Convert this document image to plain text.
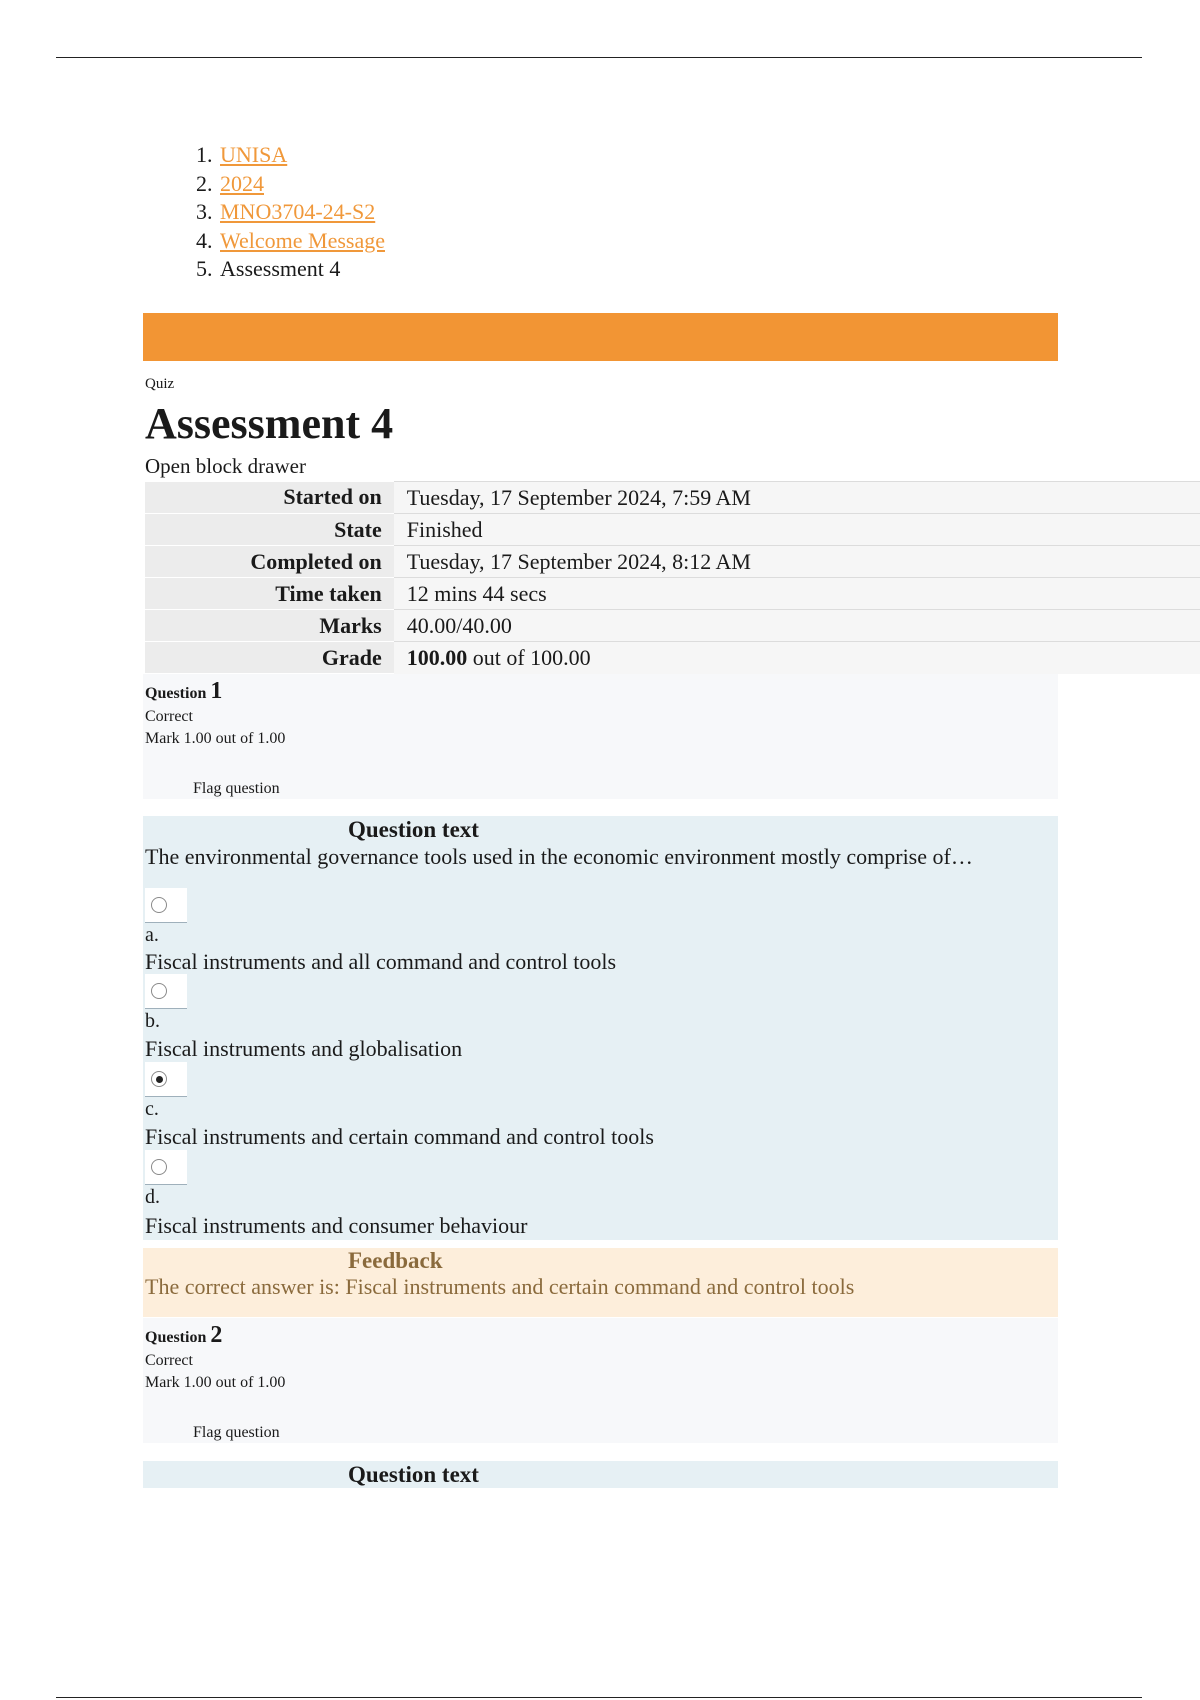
1. UNISA
2. 2024
3. MNO3704-24-S2
4. Welcome Message
5. Assessment 4
Quiz
Assessment 4
Open block drawer
Started on	Tuesday, 17 September 2024, 7:59 AM
State	Finished
Completed on	Tuesday, 17 September 2024, 8:12 AM
Time taken	12 mins 44 secs
Marks	40.00/40.00
Grade	100.00 out of 100.00
Question 1
Correct
Mark 1.00 out of 1.00
Flag question
Question text
The environmental governance tools used in the economic environment mostly comprise of…
a.
Fiscal instruments and all command and control tools
b.
Fiscal instruments and globalisation
c.
Fiscal instruments and certain command and control tools
d.
Fiscal instruments and consumer behaviour
Feedback
The correct answer is: Fiscal instruments and certain command and control tools
Question 2
Correct
Mark 1.00 out of 1.00
Flag question
Question text
